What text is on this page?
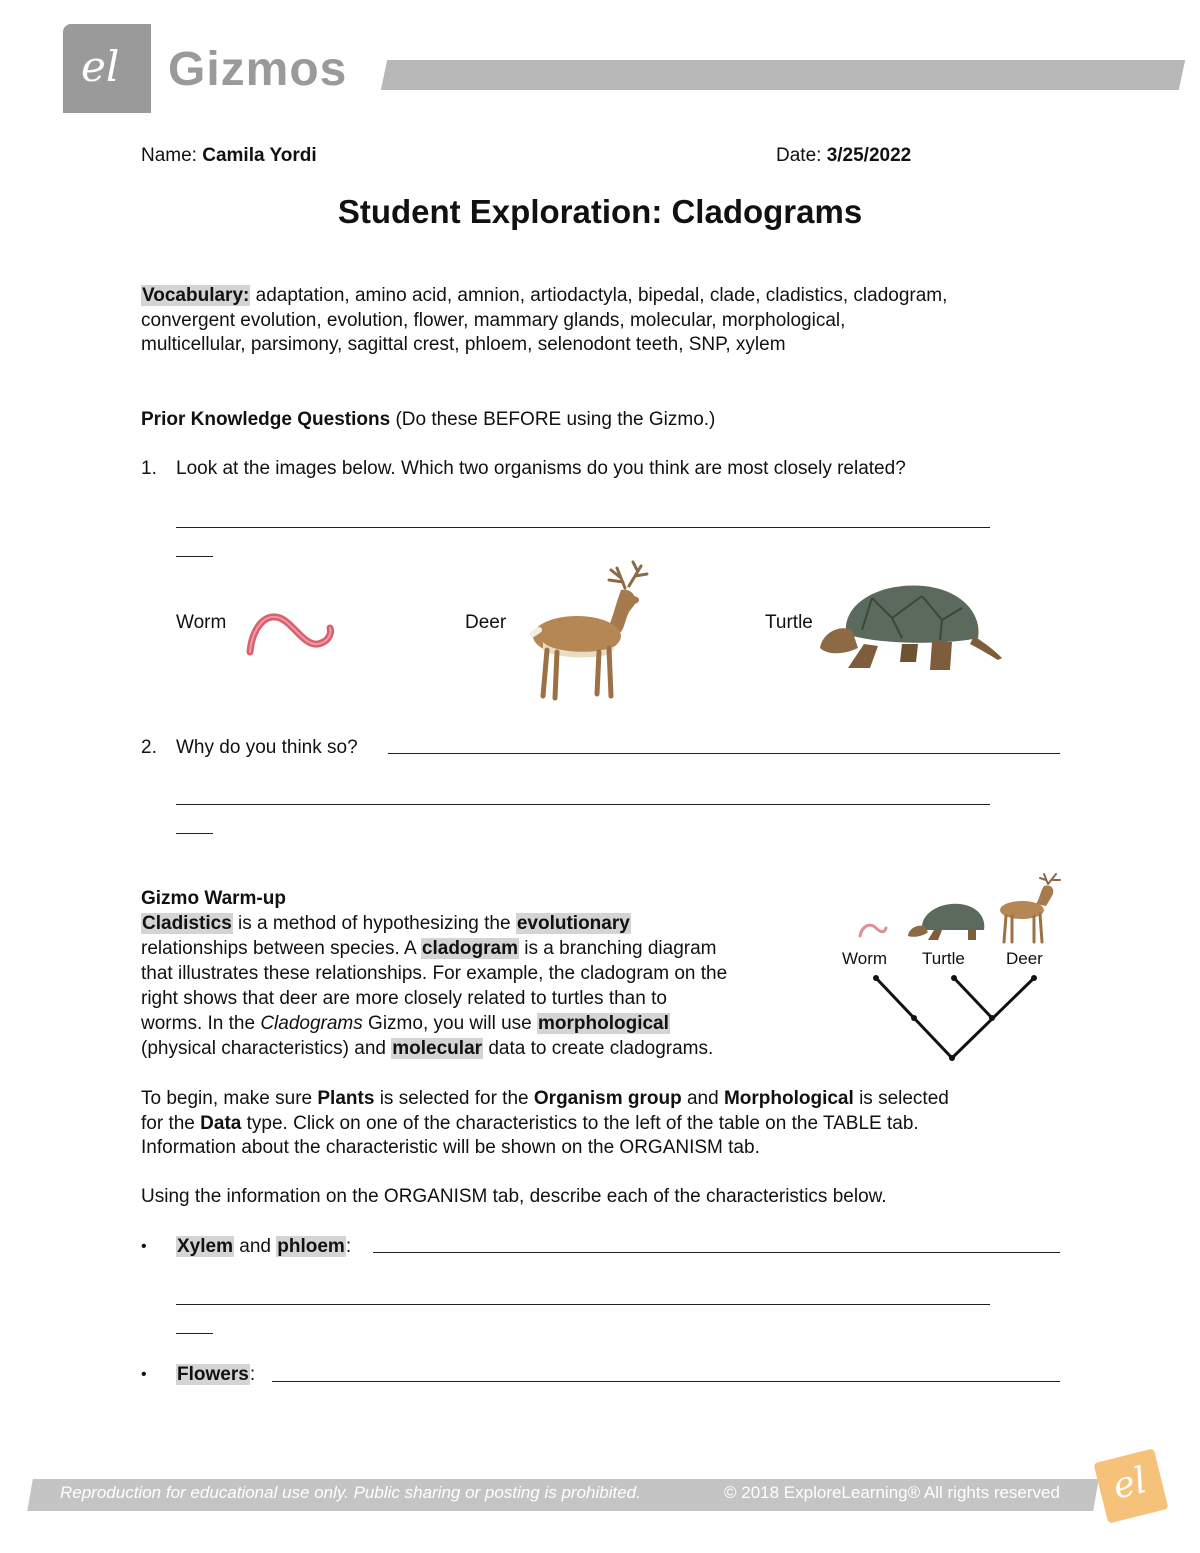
el Gizmos
Name: Camila Yordi	Date: 3/25/2022
Student Exploration: Cladograms
Vocabulary: adaptation, amino acid, amnion, artiodactyla, bipedal, clade, cladistics, cladogram,
convergent evolution, evolution, flower, mammary glands, molecular, morphological,
multicellular, parsimony, sagittal crest, phloem, selenodont teeth, SNP, xylem
Prior Knowledge Questions (Do these BEFORE using the Gizmo.)
1. Look at the images below. Which two organisms do you think are most closely related?
Worm	Deer	Turtle
2. Why do you think so?
Gizmo Warm-up
Cladistics is a method of hypothesizing the evolutionary
relationships between species. A cladogram is a branching diagram
that illustrates these relationships. For example, the cladogram on the
right shows that deer are more closely related to turtles than to
worms. In the Cladograms Gizmo, you will use morphological
(physical characteristics) and molecular data to create cladograms.
Worm Turtle Deer
To begin, make sure Plants is selected for the Organism group and Morphological is selected
for the Data type. Click on one of the characteristics to the left of the table on the TABLE tab.
Information about the characteristic will be shown on the ORGANISM tab.
Using the information on the ORGANISM tab, describe each of the characteristics below.
• Xylem and phloem:
• Flowers:
Reproduction for educational use only. Public sharing or posting is prohibited.	© 2018 ExploreLearning® All rights reserved el
